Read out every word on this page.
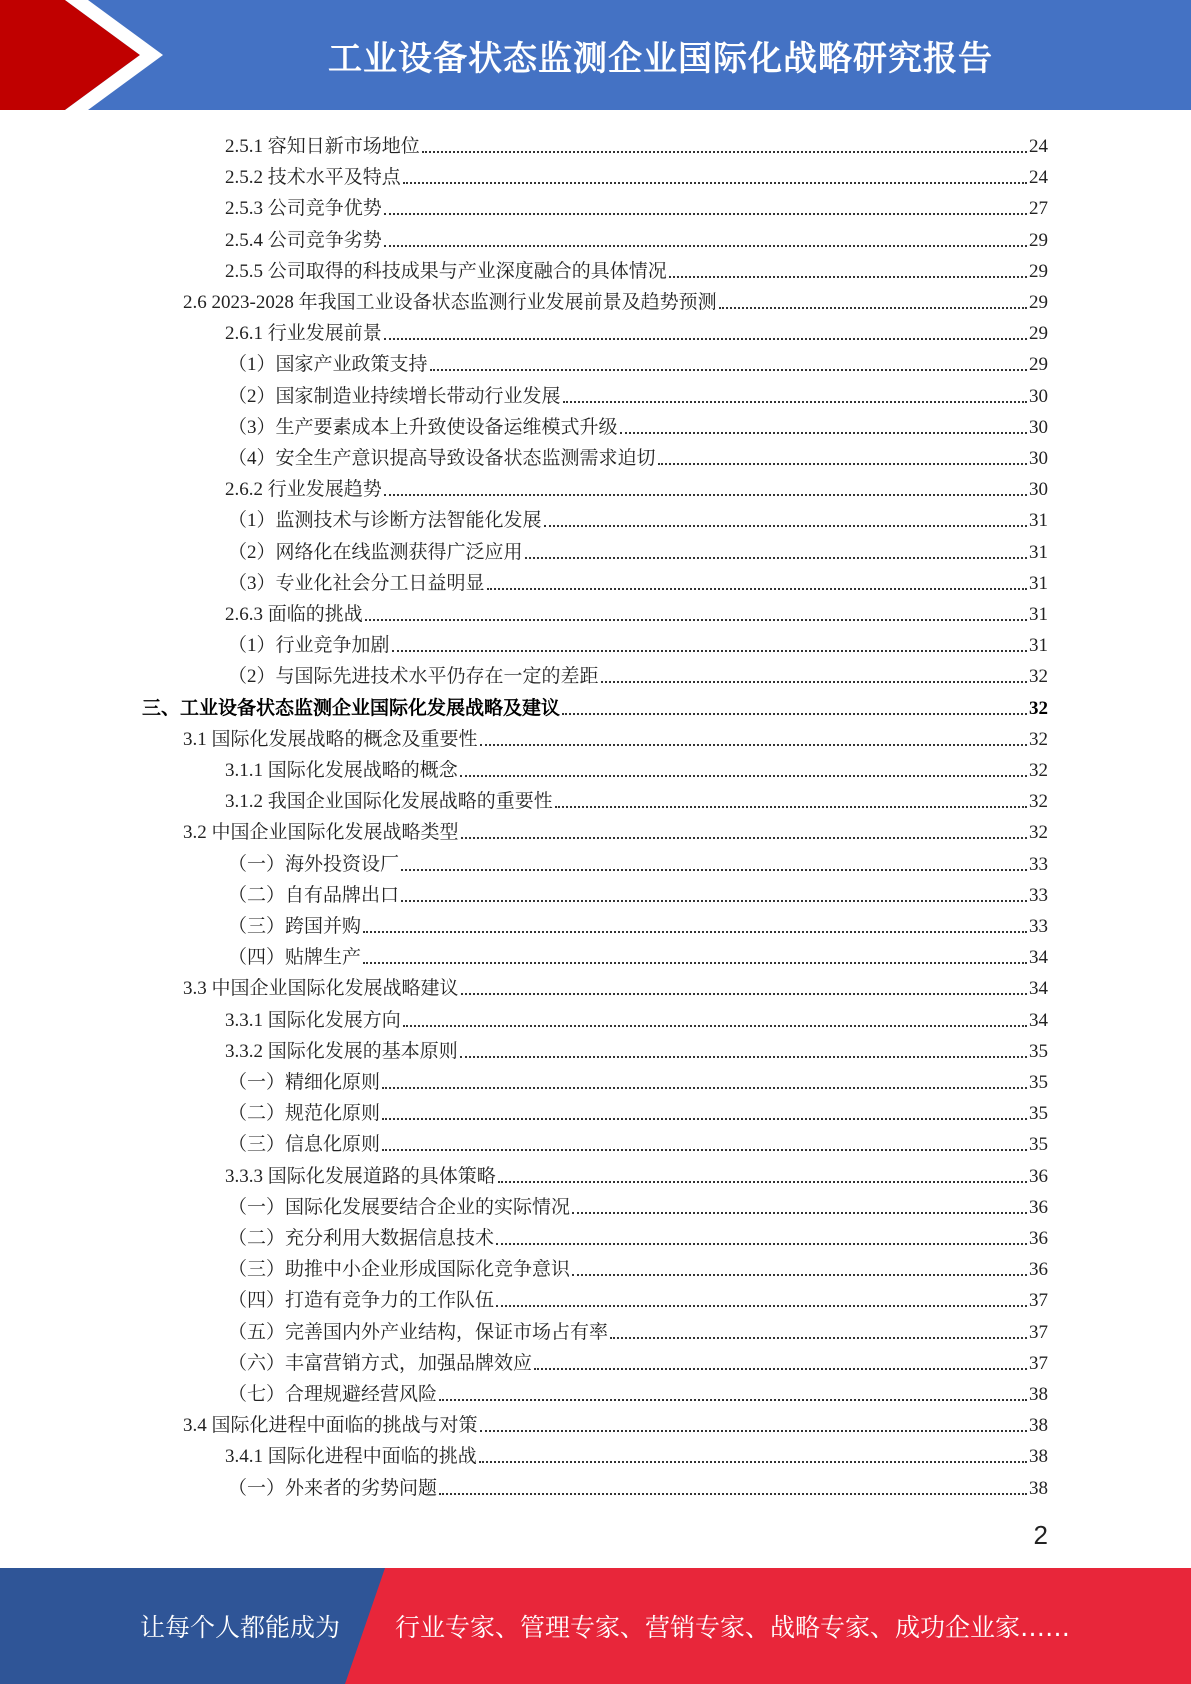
工业设备状态监测企业国际化战略研究报告
2.5.1 容知日新市场地位	24
2.5.2 技术水平及特点	24
2.5.3 公司竞争优势	27
2.5.4 公司竞争劣势	29
2.5.5 公司取得的科技成果与产业深度融合的具体情况	29
2.6 2023-2028 年我国工业设备状态监测行业发展前景及趋势预测	29
2.6.1 行业发展前景	29
（1）国家产业政策支持	29
（2）国家制造业持续增长带动行业发展	30
（3）生产要素成本上升致使设备运维模式升级	30
（4）安全生产意识提高导致设备状态监测需求迫切	30
2.6.2 行业发展趋势	30
（1）监测技术与诊断方法智能化发展	31
（2）网络化在线监测获得广泛应用	31
（3）专业化社会分工日益明显	31
2.6.3 面临的挑战	31
（1）行业竞争加剧	31
（2）与国际先进技术水平仍存在一定的差距	32
三、工业设备状态监测企业国际化发展战略及建议	32
3.1 国际化发展战略的概念及重要性	32
3.1.1 国际化发展战略的概念	32
3.1.2 我国企业国际化发展战略的重要性	32
3.2 中国企业国际化发展战略类型	32
（一）海外投资设厂	33
（二）自有品牌出口	33
（三）跨国并购	33
（四）贴牌生产	34
3.3 中国企业国际化发展战略建议	34
3.3.1 国际化发展方向	34
3.3.2 国际化发展的基本原则	35
（一）精细化原则	35
（二）规范化原则	35
（三）信息化原则	35
3.3.3 国际化发展道路的具体策略	36
（一）国际化发展要结合企业的实际情况	36
（二）充分利用大数据信息技术	36
（三）助推中小企业形成国际化竞争意识	36
（四）打造有竞争力的工作队伍	37
（五）完善国内外产业结构，保证市场占有率	37
（六）丰富营销方式，加强品牌效应	37
（七）合理规避经营风险	38
3.4 国际化进程中面临的挑战与对策	38
3.4.1 国际化进程中面临的挑战	38
（一）外来者的劣势问题	38
2
让每个人都能成为	行业专家、管理专家、营销专家、战略专家、成功企业家……
